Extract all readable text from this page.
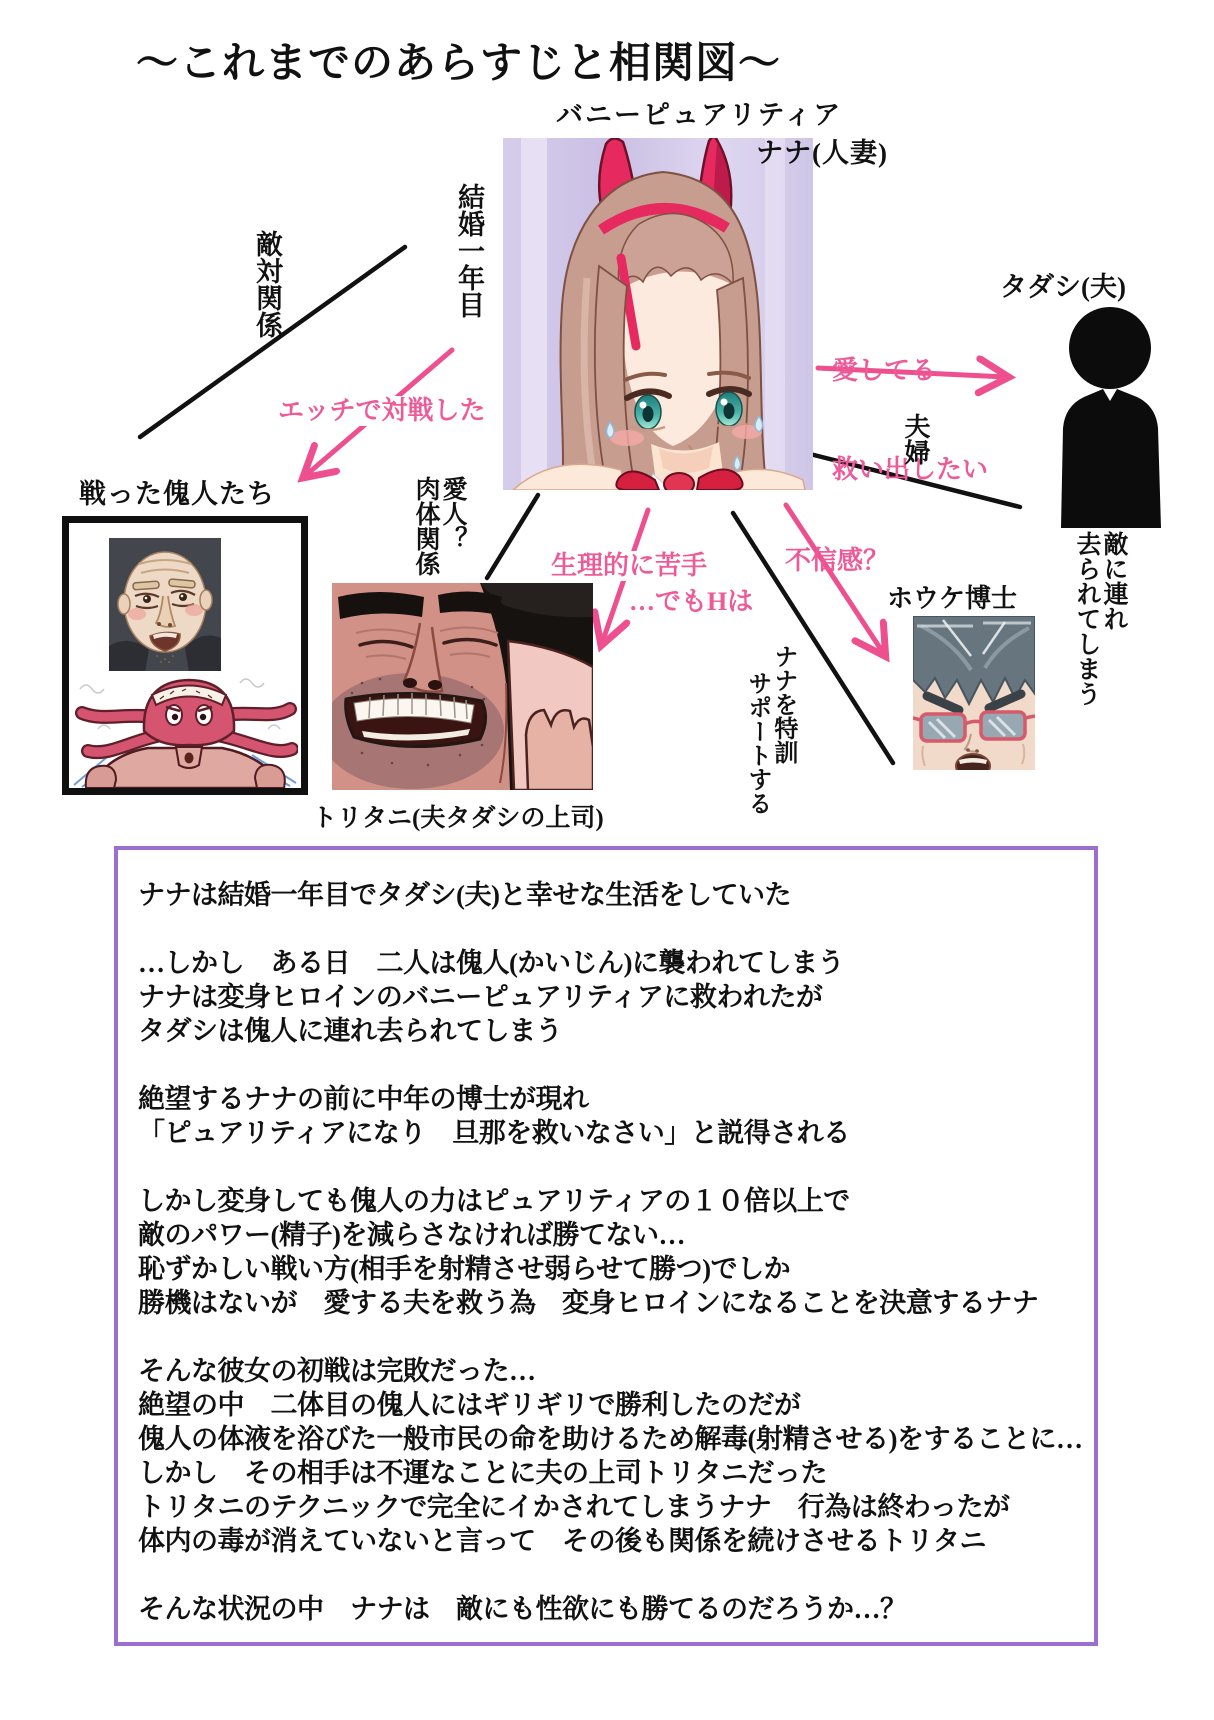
〜これまでのあらすじと相関図〜
バニーピュアリティア
ナナ(人妻)
結婚一年目
敵対関係
エッチで対戦した
タダシ(夫)

愛してる

救い出したい

夫婦
敵に連れ
去られてしまう
戦った傀人たち	愛人？
肉体関係	生理的に苦手
…でもHは
不信感？
トリタニ(夫タダシの上司)
ホウケ博士
ナナを特訓
サポートする
ナナは結婚一年目でタダシ(夫)と幸せな生活をしていた
…しかし　ある日　二人は傀人(かいじん)に襲われてしまう
ナナは変身ヒロインのバニーピュアリティアに救われたが
タダシは傀人に連れ去られてしまう
絶望するナナの前に中年の博士が現れ
「ピュアリティアになり　旦那を救いなさい」と説得される
しかし変身しても傀人の力はピュアリティアの１０倍以上で
敵のパワー(精子)を減らさなければ勝てない…
恥ずかしい戦い方(相手を射精させ弱らせて勝つ)でしか
勝機はないが　愛する夫を救う為　変身ヒロインになることを決意するナナ
そんな彼女の初戦は完敗だった…
絶望の中　二体目の傀人にはギリギリで勝利したのだが
傀人の体液を浴びた一般市民の命を助けるため解毒(射精させる)をすることに…
しかし　その相手は不運なことに夫の上司トリタニだった
トリタニのテクニックで完全にイかされてしまうナナ　行為は終わったが
体内の毒が消えていないと言って　その後も関係を続けさせるトリタニ
そんな状況の中　ナナは　敵にも性欲にも勝てるのだろうか…？
